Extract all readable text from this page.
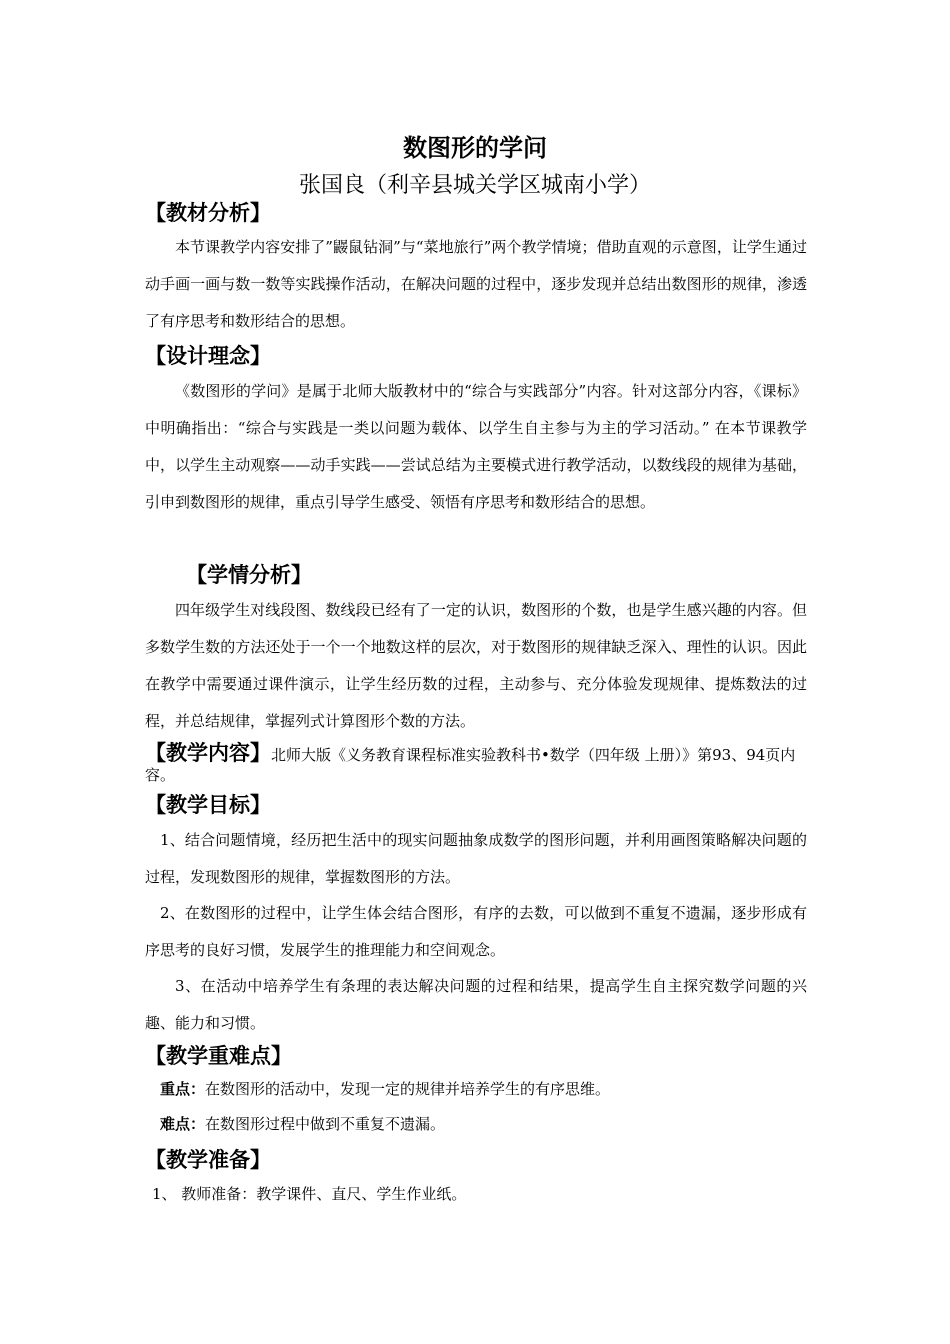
数图形的学问
张国良（利辛县城关学区城南小学）
【教材分析】
本节课教学内容安排了”鼹鼠钻洞”与“菜地旅行”两个教学情境；借助直观的示意图，让学生通过动手画一画与数一数等实践操作活动，在解决问题的过程中，逐步发现并总结出数图形的规律，渗透了有序思考和数形结合的思想。
【设计理念】
《数图形的学问》是属于北师大版教材中的“综合与实践部分”内容。针对这部分内容，《课标》中明确指出：“综合与实践是一类以问题为载体、以学生自主参与为主的学习活动。” 在本节课教学中，以学生主动观察——动手实践——尝试总结为主要模式进行教学活动，以数线段的规律为基础，引申到数图形的规律，重点引导学生感受、领悟有序思考和数形结合的思想。
【学情分析】
四年级学生对线段图、数线段已经有了一定的认识，数图形的个数，也是学生感兴趣的内容。但多数学生数的方法还处于一个一个地数这样的层次，对于数图形的规律缺乏深入、理性的认识。因此在教学中需要通过课件演示，让学生经历数的过程，主动参与、充分体验发现规律、提炼数法的过程，并总结规律，掌握列式计算图形个数的方法。
【教学内容】北师大版《义务教育课程标准实验教科书•数学（四年级 上册）》第93、94页内容。
【教学目标】
1、结合问题情境，经历把生活中的现实问题抽象成数学的图形问题，并利用画图策略解决问题的过程，发现数图形的规律，掌握数图形的方法。
2、在数图形的过程中，让学生体会结合图形，有序的去数，可以做到不重复不遗漏，逐步形成有序思考的良好习惯，发展学生的推理能力和空间观念。
3、在活动中培养学生有条理的表达解决问题的过程和结果，提高学生自主探究数学问题的兴趣、能力和习惯。
【教学重难点】
重点：在数图形的活动中，发现一定的规律并培养学生的有序思维。
难点：在数图形过程中做到不重复不遗漏。
【教学准备】
1、 教师准备：教学课件、直尺、学生作业纸。
